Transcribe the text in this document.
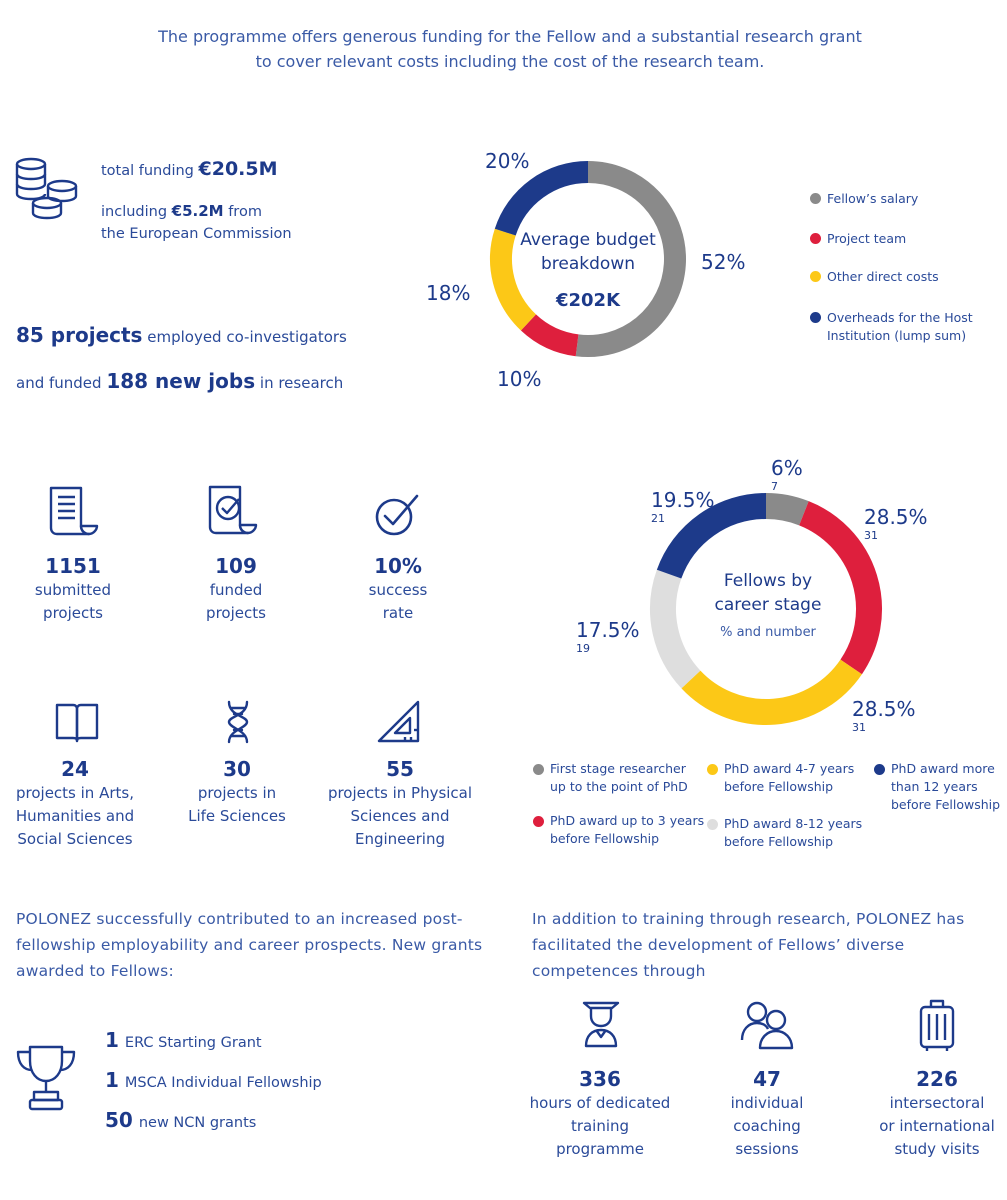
The programme offers generous funding for the Fellow and a substantial research grant to cover relevant costs including the cost of the research team.
total funding €20.5M
including €5.2M from
the European Commission
85 projects employed co-investigators
and funded 188 new jobs in research
Average budget breakdown
€202K
52%
10%
18%
20%
Fellow’s salary
Project team
Other direct costs
Overheads for the Host Institution (lump sum)
1151
submitted
projects
109
funded
projects
10%
success
rate
24
projects in Arts,
Humanities and
Social Sciences
30
projects in
Life Sciences
55
projects in Physical
Sciences and
Engineering
Fellows by career stage
% and number
6%
7
28.5%
31
28.5%
31
17.5%
19
19.5%
21
First stage researcher up to the point of PhD
PhD award up to 3 years before Fellowship
PhD award 4-7 years before Fellowship
PhD award 8-12 years before Fellowship
PhD award more than 12 years before Fellowship
POLONEZ successfully contributed to an increased post-fellowship employability and career prospects. New grants awarded to Fellows:
1 ERC Starting Grant
1 MSCA Individual Fellowship
50 new NCN grants
In addition to training through research, POLONEZ has facilitated the development of Fellows’ diverse competences through
336
hours of dedicated
training
programme
47
individual
coaching
sessions
226
intersectoral
or international
study visits
